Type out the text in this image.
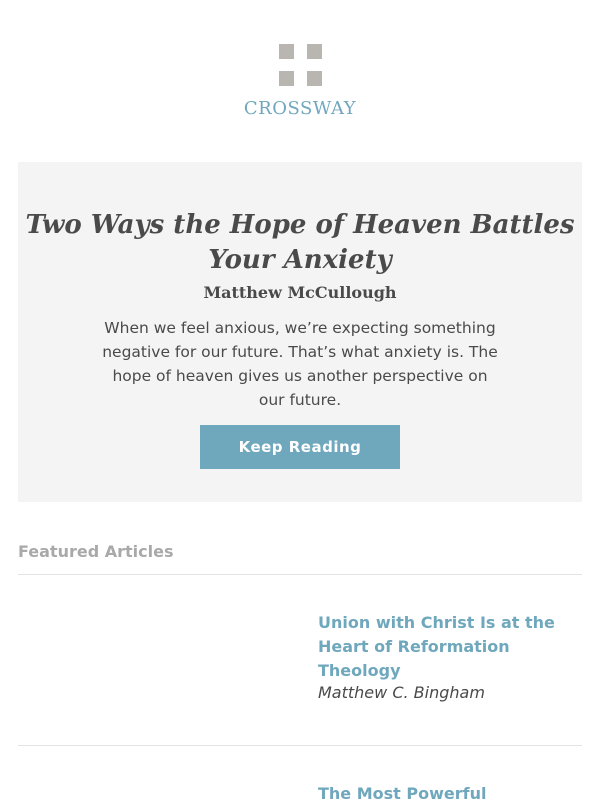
CROSSWAY
Two Ways the Hope of Heaven Battles Your Anxiety
Matthew McCullough

When we feel anxious, we’re expecting something negative for our future. That’s what anxiety is. The hope of heaven gives us another perspective on our future.

Keep Reading
Featured Articles
Union with Christ Is at the Heart of Reformation Theology
Matthew C. Bingham
The Most Powerful
